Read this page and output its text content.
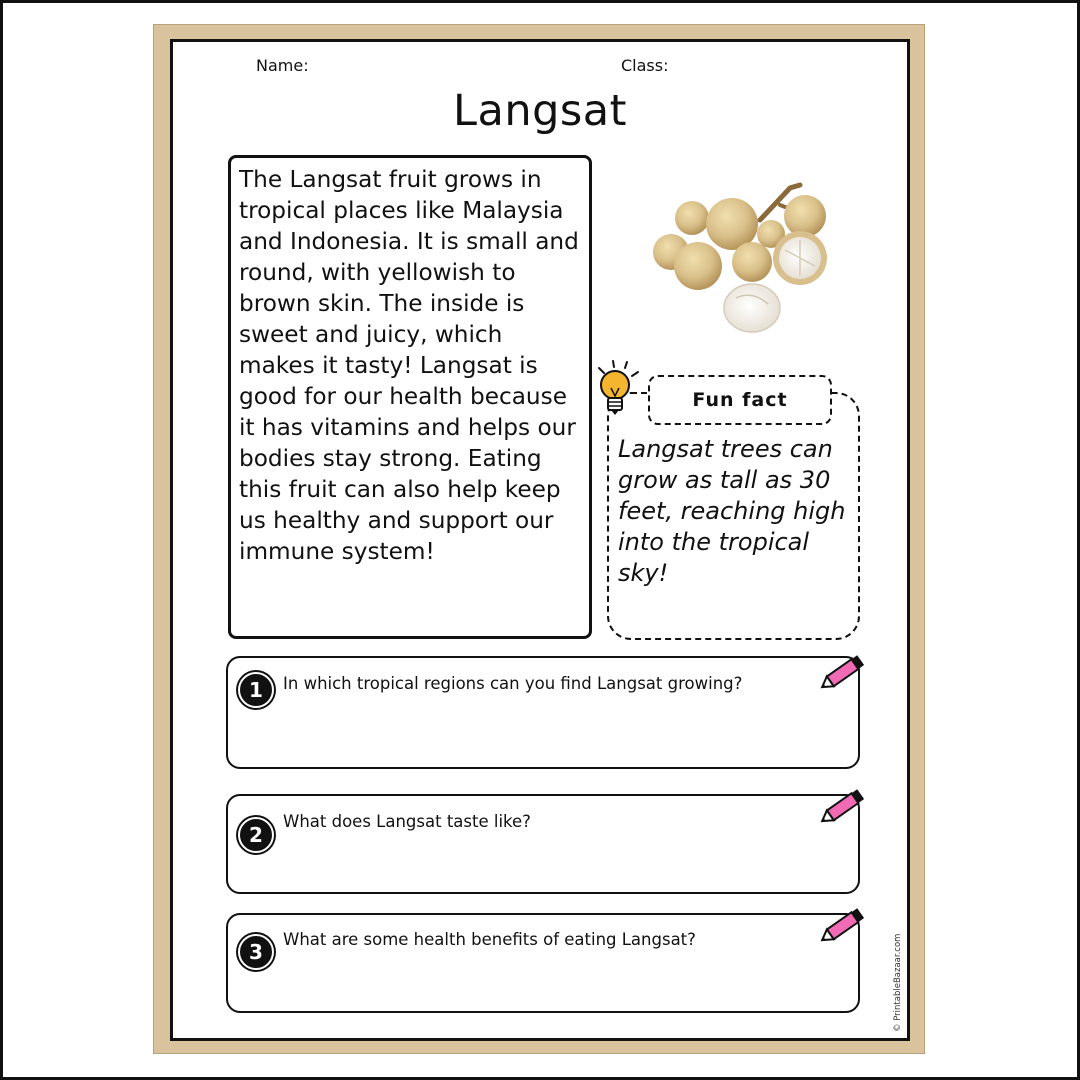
Name:	Class:
Langsat
The Langsat fruit grows in tropical places like Malaysia and Indonesia. It is small and round, with yellowish to brown skin. The inside is sweet and juicy, which makes it tasty! Langsat is good for our health because it has vitamins and helps our bodies stay strong. Eating this fruit can also help keep us healthy and support our immune system!
Fun fact
Langsat trees can grow as tall as 30 feet, reaching high into the tropical sky!
1	In which tropical regions can you find Langsat growing?
2
What does Langsat taste like?
3
What are some health benefits of eating Langsat?	© PrintableBazaar.com
